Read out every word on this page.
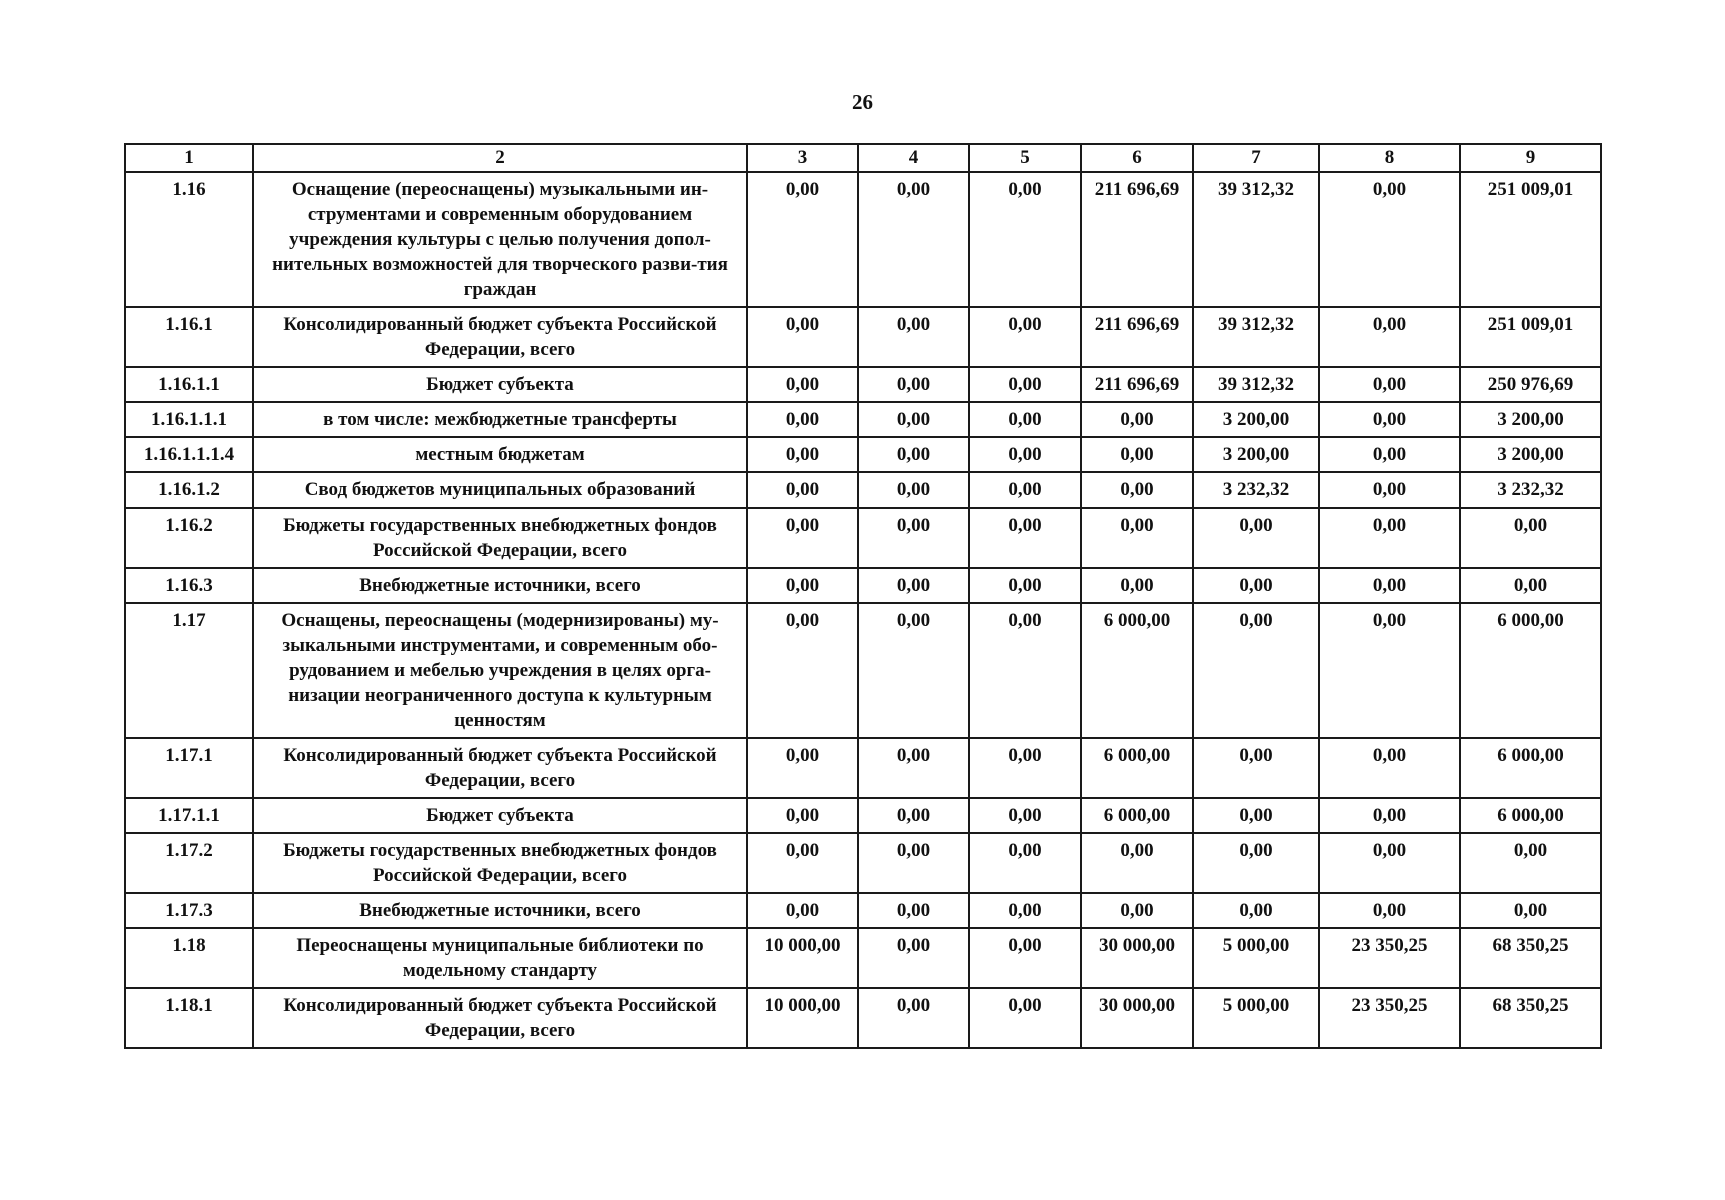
26
1	2	3	4	5	6	7	8	9
1.16	Оснащение (переоснащены) музыкальными ин-струментами и современным оборудованием учреждения культуры с целью получения допол-нительных возможностей для творческого разви-тия граждан	0,00	0,00	0,00	211 696,69	39 312,32	0,00	251 009,01
1.16.1	Консолидированный бюджет субъекта Российской Федерации, всего	0,00	0,00	0,00	211 696,69	39 312,32	0,00	251 009,01
1.16.1.1	Бюджет субъекта	0,00	0,00	0,00	211 696,69	39 312,32	0,00	250 976,69
1.16.1.1.1	в том числе: межбюджетные трансферты	0,00	0,00	0,00	0,00	3 200,00	0,00	3 200,00
1.16.1.1.1.4	местным бюджетам	0,00	0,00	0,00	0,00	3 200,00	0,00	3 200,00
1.16.1.2	Свод бюджетов муниципальных образований	0,00	0,00	0,00	0,00	3 232,32	0,00	3 232,32
1.16.2	Бюджеты государственных внебюджетных фондов Российской Федерации, всего	0,00	0,00	0,00	0,00	0,00	0,00	0,00
1.16.3	Внебюджетные источники, всего	0,00	0,00	0,00	0,00	0,00	0,00	0,00
1.17	Оснащены, переоснащены (модернизированы) му-зыкальными инструментами, и современным обо-рудованием и мебелью учреждения в целях орга-низации неограниченного доступа к культурным ценностям	0,00	0,00	0,00	6 000,00	0,00	0,00	6 000,00
1.17.1	Консолидированный бюджет субъекта Российской Федерации, всего	0,00	0,00	0,00	6 000,00	0,00	0,00	6 000,00
1.17.1.1	Бюджет субъекта	0,00	0,00	0,00	6 000,00	0,00	0,00	6 000,00
1.17.2	Бюджеты государственных внебюджетных фондов Российской Федерации, всего	0,00	0,00	0,00	0,00	0,00	0,00	0,00
1.17.3	Внебюджетные источники, всего	0,00	0,00	0,00	0,00	0,00	0,00	0,00
1.18	Переоснащены муниципальные библиотеки по модельному стандарту	10 000,00	0,00	0,00	30 000,00	5 000,00	23 350,25	68 350,25
1.18.1	Консолидированный бюджет субъекта Российской Федерации, всего	10 000,00	0,00	0,00	30 000,00	5 000,00	23 350,25	68 350,25
